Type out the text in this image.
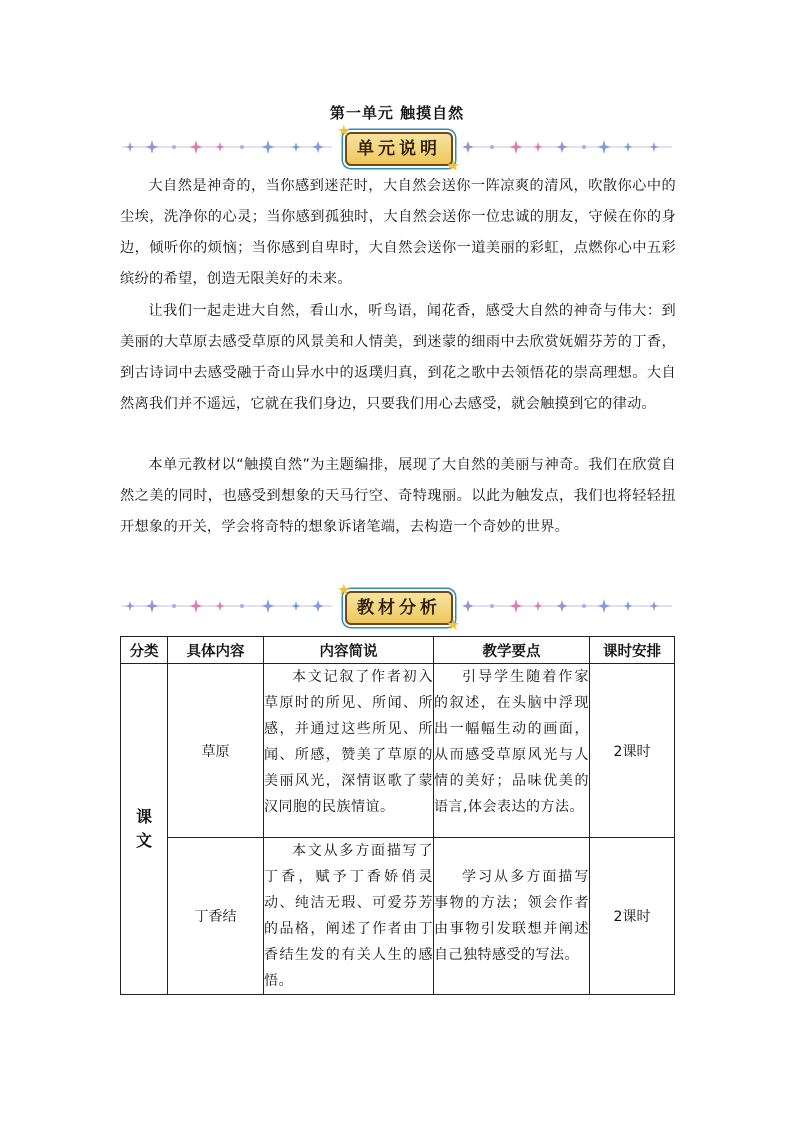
第一单元 触摸自然
★
单元说明
★

大自然是神奇的，当你感到迷茫时，大自然会送你一阵凉爽的清风，吹散你心中的尘埃，洗净你的心灵；当你感到孤独时，大自然会送你一位忠诚的朋友，守候在你的身边，倾听你的烦恼；当你感到自卑时，大自然会送你一道美丽的彩虹，点燃你心中五彩缤纷的希望，创造无限美好的未来。

让我们一起走进大自然，看山水，听鸟语，闻花香，感受大自然的神奇与伟大：到美丽的大草原去感受草原的风景美和人情美，到迷蒙的细雨中去欣赏妩媚芬芳的丁香，到古诗词中去感受融于奇山异水中的返璞归真，到花之歌中去领悟花的崇高理想。大自然离我们并不遥远，它就在我们身边，只要我们用心去感受，就会触摸到它的律动。

本单元教材以“触摸自然”为主题编排，展现了大自然的美丽与神奇。我们在欣赏自然之美的同时，也感受到想象的天马行空、奇特瑰丽。以此为触发点，我们也将轻轻扭开想象的开关，学会将奇特的想象诉诸笔端，去构造一个奇妙的世界。

★
教材分析
★
分类	具体内容	内容简说	教学要点	课时安排

课文	草原	本文记叙了作者初入草原时的所见、所闻、所感，并通过这些所见、所闻、所感，赞美了草原的美丽风光，深情讴歌了蒙汉同胞的民族情谊。	引导学生随着作家的叙述，在头脑中浮现出一幅幅生动的画面，从而感受草原风光与人情的美好；品味优美的语言,体会表达的方法。	2课时
	丁香结	本文从多方面描写了丁香，赋予丁香娇俏灵动、纯洁无瑕、可爱芬芳的品格，阐述了作者由丁香结生发的有关人生的感悟。	学习从多方面描写事物的方法；领会作者由事物引发联想并阐述自己独特感受的写法。	2课时
